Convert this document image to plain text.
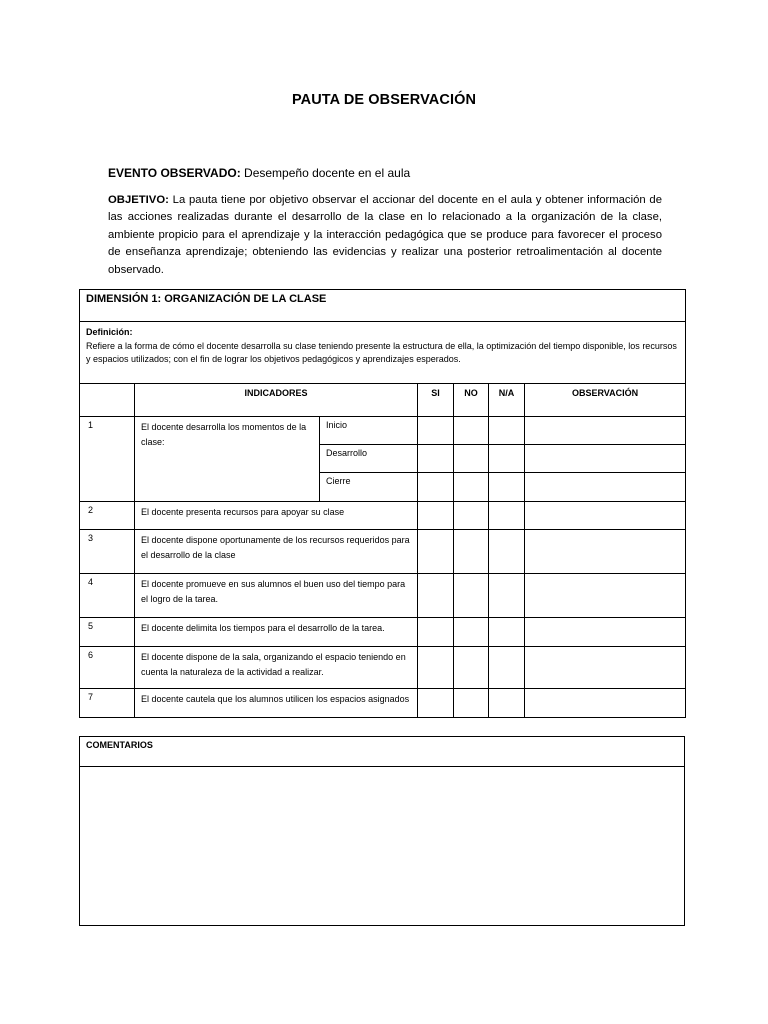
PAUTA DE OBSERVACIÓN
EVENTO OBSERVADO: Desempeño docente en el aula
OBJETIVO: La pauta tiene por objetivo observar el accionar del docente en el aula y obtener información de las acciones realizadas durante el desarrollo de la clase en lo relacionado a la organización de la clase, ambiente propicio para el aprendizaje y la interacción pedagógica que se produce para favorecer el proceso de enseñanza aprendizaje; obteniendo las evidencias y realizar una posterior retroalimentación al docente observado.
DIMENSIÓN 1: ORGANIZACIÓN DE LA CLASE						

Definición:
Refiere a la forma de cómo el docente desarrolla su clase teniendo presente la estructura de ella, la optimización del tiempo disponible, los recursos y espacios utilizados; con el fin de lograr los objetivos pedagógicos y aprendizajes esperados.						
	INDICADORES		SI	NO	N/A	OBSERVACIÓN
1	El docente desarrolla los momentos de la clase:	Inicio				
		Desarrollo				
		Cierre				
2	El docente presenta recursos para apoyar su clase					
3	El docente dispone oportunamente de los recursos requeridos para el desarrollo de la clase					
4	El docente promueve en sus alumnos el buen uso del tiempo para el logro de la tarea.					
5	El docente delimita los tiempos para el desarrollo de la tarea.					
6	El docente dispone de la sala, organizando el espacio teniendo en cuenta la naturaleza de la actividad a realizar.					
7	El docente cautela que los alumnos utilicen los espacios asignados					
COMENTARIOS
